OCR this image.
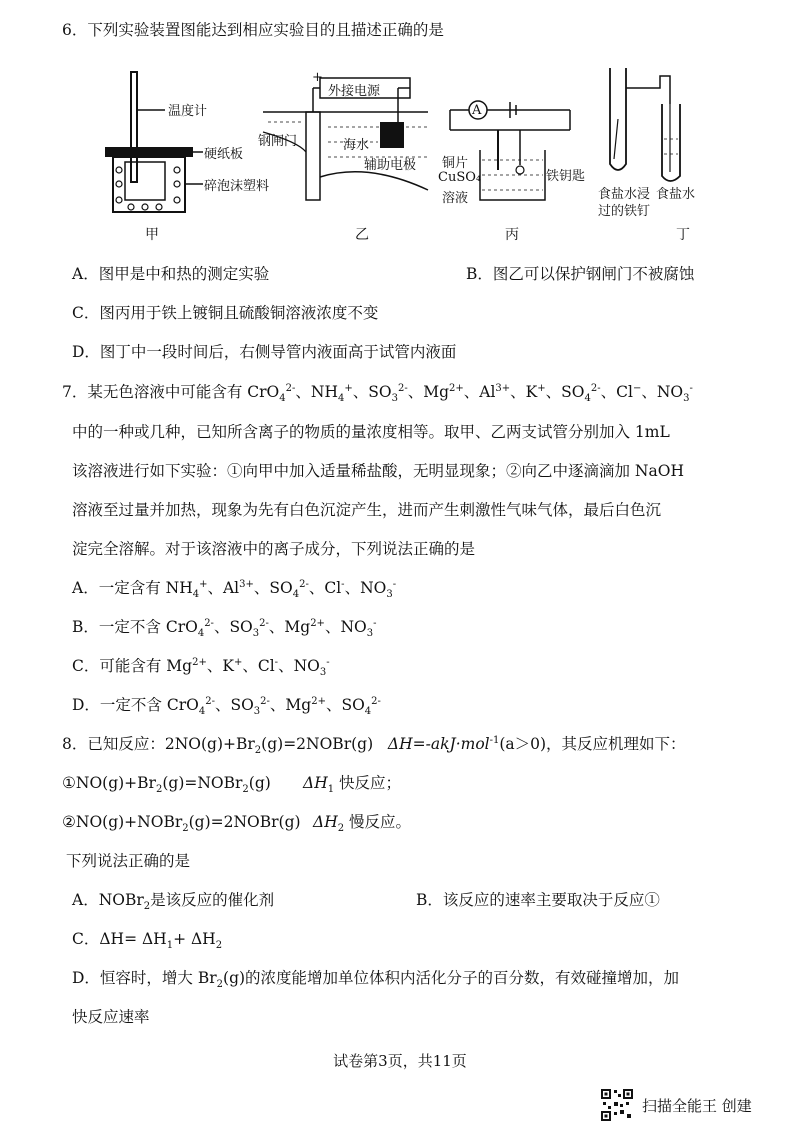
6．下列实验装置图能达到相应实验目的且描述正确的是
温度计
硬纸板
碎泡沫塑料
甲
+
外接电源
钢闸门	海水
辅助电极
乙
A
铜片
CuSO₄
溶液
铁钥匙
丙
食盐水浸
过的铁钉
食盐水
丁
A．图甲是中和热的测定实验	B．图乙可以保护钢闸门不被腐蚀
C．图丙用于铁上镀铜且硫酸铜溶液浓度不变
D．图丁中一段时间后，右侧导管内液面高于试管内液面
7．某无色溶液中可能含有 CrO$_4^{2-}$、$NH_4^+$、$SO_3^{2-}$、$Mg^{2+}$、$Al^{3+}$、K+、$SO_4^{2-}$、Cl−、$NO_3^-$
中的一种或几种，已知所含离子的物质的量浓度相等。取甲、乙两支试管分别加入 1mL
该溶液进行如下实验：①向甲中加入适量稀盐酸，无明显现象；②向乙中逐滴滴加 NaOH
溶液至过量并加热，现象为先有白色沉淀产生，进而产生刺激性气味气体，最后白色沉
淀完全溶解。对于该溶液中的离子成分，下列说法正确的是
A．一定含有 $NH_4^+$、$Al^{3+}$、$SO_4^{2-}$、Cl-、$NO_3^-$
B．一定不含 CrO$_4^{2-}$、$SO_3^{2-}$、$Mg^{2+}$、$NO_3^-$
C．可能含有 $Mg^{2+}$、K+、Cl-、$NO_3^-$
D．一定不含 CrO$_4^{2-}$、$SO_3^{2-}$、$Mg^{2+}$、$SO_4^{2-}$
8．已知反应：$2NO(g)+Br_2(g)=2NOBr(g)$ ΔH=-akJ·mol$^{-1}$(a＞0)，其反应机理如下：
$①NO(g)+Br_2(g)=NOBr_2(g)$ $\Delta H_1$ 快反应；
②NO(g)+NOBr$_2$(g)=2NOBr(g) $\Delta H_2$ 慢反应。
下列说法正确的是
A．NOBr$_2$是该反应的催化剂	B．该反应的速率主要取决于反应①
C．$\Delta H= \Delta H_1+ \Delta H_2$
D．恒容时，增大 $Br_2(g)$的浓度能增加单位体积内活化分子的百分数，有效碰撞增加，加
快反应速率
试卷第3页，共11页
扫描全能王 创建
